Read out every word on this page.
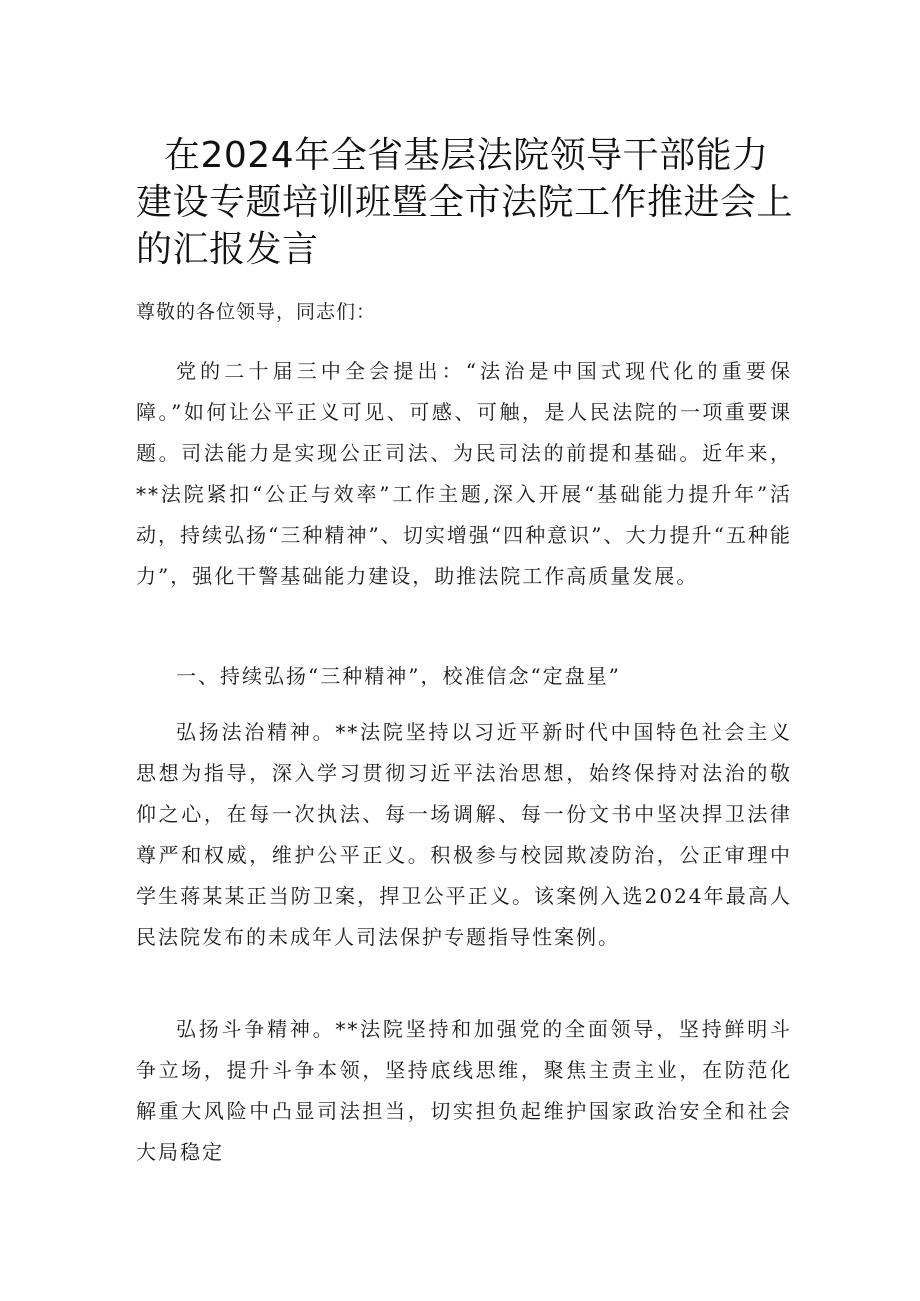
在2024年全省基层法院领导干部能力建设专题培训班暨全市法院工作推进会上的汇报发言

尊敬的各位领导，同志们：

党的二十届三中全会提出：“法治是中国式现代化的重要保障。”如何让公平正义可见、可感、可触，是人民法院的一项重要课题。司法能力是实现公正司法、为民司法的前提和基础。近年来，**法院紧扣“公正与效率”工作主题,深入开展“基础能力提升年”活动，持续弘扬“三种精神”、切实增强“四种意识”、大力提升“五种能力”，强化干警基础能力建设，助推法院工作高质量发展。

一、持续弘扬“三种精神”，校准信念“定盘星”

弘扬法治精神。**法院坚持以习近平新时代中国特色社会主义思想为指导，深入学习贯彻习近平法治思想，始终保持对法治的敬仰之心，在每一次执法、每一场调解、每一份文书中坚决捍卫法律尊严和权威，维护公平正义。积极参与校园欺凌防治，公正审理中学生蒋某某正当防卫案，捍卫公平正义。该案例入选2024年最高人民法院发布的未成年人司法保护专题指导性案例。

弘扬斗争精神。**法院坚持和加强党的全面领导，坚持鲜明斗争立场，提升斗争本领，坚持底线思维，聚焦主责主业，在防范化解重大风险中凸显司法担当，切实担负起维护国家政治安全和社会大局稳定
